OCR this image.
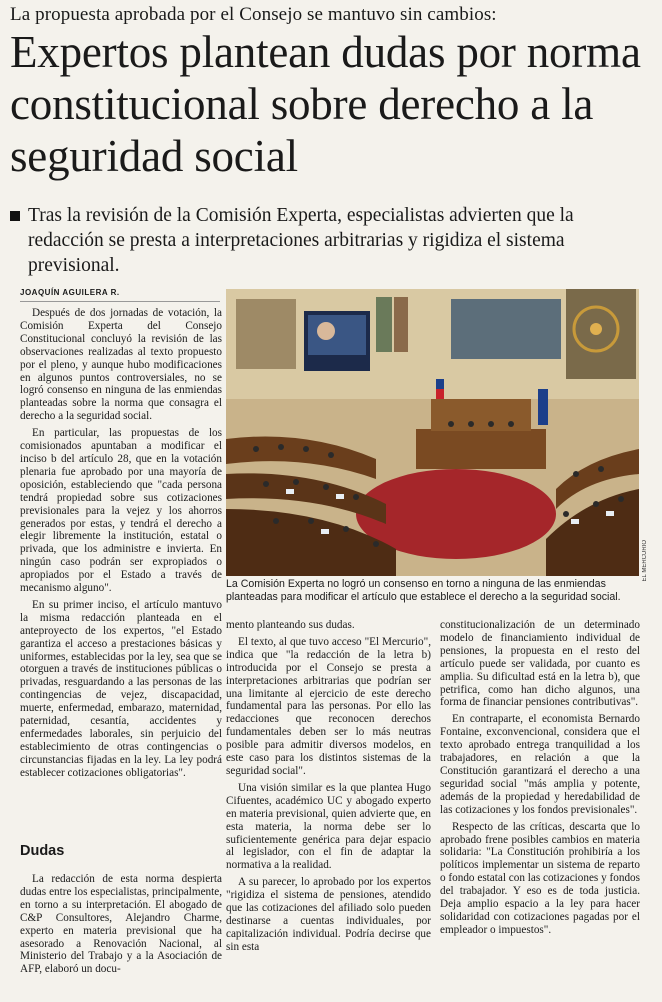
La propuesta aprobada por el Consejo se mantuvo sin cambios:
Expertos plantean dudas por norma constitucional sobre derecho a la seguridad social
Tras la revisión de la Comisión Experta, especialistas advierten que la redacción se presta a interpretaciones arbitrarias y rigidiza el sistema previsional.
JOAQUÍN AGUILERA R.

Después de dos jornadas de votación, la Comisión Experta del Consejo Constitucional concluyó la revisión de las observaciones realizadas al texto propuesto por el pleno, y aunque hubo modificaciones en algunos puntos controversiales, no se logró consenso en ninguna de las enmiendas planteadas sobre la norma que consagra el derecho a la seguridad social.

En particular, las propuestas de los comisionados apuntaban a modificar el inciso b del artículo 28, que en la votación plenaria fue aprobado por una mayoría de oposición, estableciendo que "cada persona tendrá propiedad sobre sus cotizaciones previsionales para la vejez y los ahorros generados por estas, y tendrá el derecho a elegir libremente la institución, estatal o privada, que los administre e invierta. En ningún caso podrán ser expropiados o apropiados por el Estado a través de mecanismo alguno".

En su primer inciso, el artículo mantuvo la misma redacción planteada en el anteproyecto de los expertos, "el Estado garantiza el acceso a prestaciones básicas y uniformes, establecidas por la ley, sea que se otorguen a través de instituciones públicas o privadas, resguardando a las personas de las contingencias de vejez, discapacidad, muerte, enfermedad, embarazo, maternidad, paternidad, cesantía, accidentes y enfermedades laborales, sin perjuicio del establecimiento de otras contingencias o circunstancias fijadas en la ley. La ley podrá establecer cotizaciones obligatorias".

Dudas

La redacción de esta norma despierta dudas entre los especialistas, principalmente, en torno a su interpretación. El abogado de C&P Consultores, Alejandro Charme, experto en materia previsional que ha asesorado a Renovación Nacional, al Ministerio del Trabajo y a la Asociación de AFP, elaboró un docu-

EL MERCURIO
La Comisión Experta no logró un consenso en torno a ninguna de las enmiendas planteadas para modificar el artículo que establece el derecho a la seguridad social.

mento planteando sus dudas.

El texto, al que tuvo acceso "El Mercurio", indica que "la redacción de la letra b) introducida por el Consejo se presta a interpretaciones arbitrarias que podrían ser una limitante al ejercicio de este derecho fundamental para las personas. Por ello las redacciones que reconocen derechos fundamentales deben ser lo más neutras posible para admitir diversos modelos, en este caso para los distintos sistemas de la seguridad social".

Una visión similar es la que plantea Hugo Cifuentes, académico UC y abogado experto en materia previsional, quien advierte que, en esta materia, la norma debe ser lo suficientemente genérica para dejar espacio al legislador, con el fin de adaptar la normativa a la realidad.

A su parecer, lo aprobado por los expertos "rigidiza el sistema de pensiones, atendido que las cotizaciones del afiliado solo pueden destinarse a cuentas individuales, por capitalización individual. Podría decirse que sin esta

constitucionalización de un determinado modelo de financiamiento individual de pensiones, la propuesta en el resto del artículo puede ser validada, por cuanto es amplia. Su dificultad está en la letra b), que petrifica, como han dicho algunos, una forma de financiar pensiones contributivas".

En contraparte, el economista Bernardo Fontaine, exconvencional, considera que el texto aprobado entrega tranquilidad a los trabajadores, en relación a que la Constitución garantizará el derecho a una seguridad social "más amplia y potente, además de la propiedad y heredabilidad de las cotizaciones y los fondos previsionales".

Respecto de las críticas, descarta que lo aprobado frene posibles cambios en materia solidaria: "La Constitución prohibiría a los políticos implementar un sistema de reparto o fondo estatal con las cotizaciones y fondos del trabajador. Y eso es de toda justicia. Deja amplio espacio a la ley para hacer solidaridad con cotizaciones pagadas por el empleador o impuestos".
